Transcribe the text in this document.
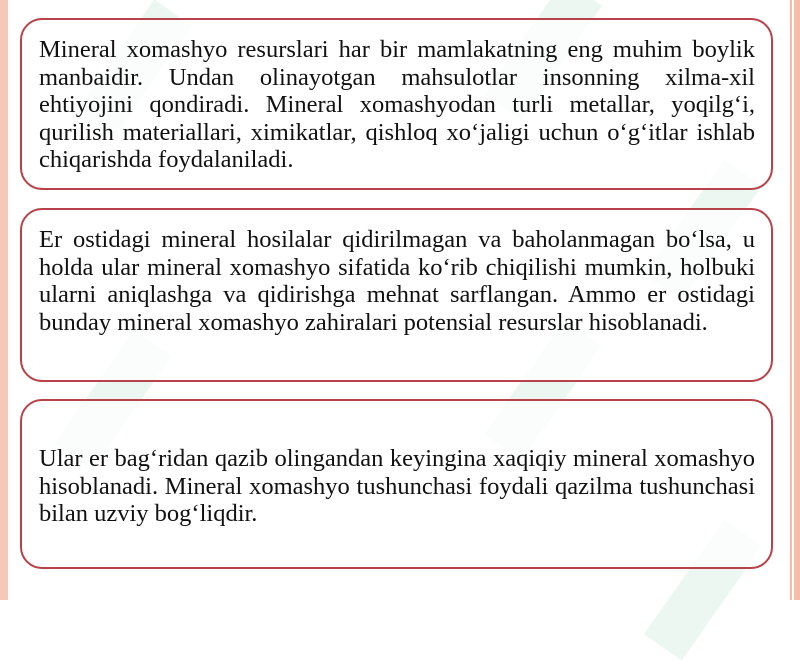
Mineral xomashyo resurslari har bir mamlakatning eng muhim boylik manbaidir. Undan olinayotgan mahsulotlar insonning xilma-xil ehtiyojini qondiradi. Mineral xomashyodan turli metallar, yoqilg‘i, qurilish materiallari, ximikatlar, qishloq xo‘jaligi uchun o‘g‘itlar ishlab chiqarishda foydalaniladi.

Er ostidagi mineral hosilalar qidirilmagan va baholanmagan bo‘lsa, u holda ular mineral xomashyo sifatida ko‘rib chiqilishi mumkin, holbuki ularni aniqlashga va qidirishga mehnat sarflangan. Ammo er ostidagi bunday mineral xomashyo zahiralari potensial resurslar hisoblanadi.

Ular er bag‘ridan qazib olingandan keyingina xaqiqiy mineral xomashyo hisoblanadi. Mineral xomashyo tushunchasi foydali qazilma tushunchasi bilan uzviy bog‘liqdir.
